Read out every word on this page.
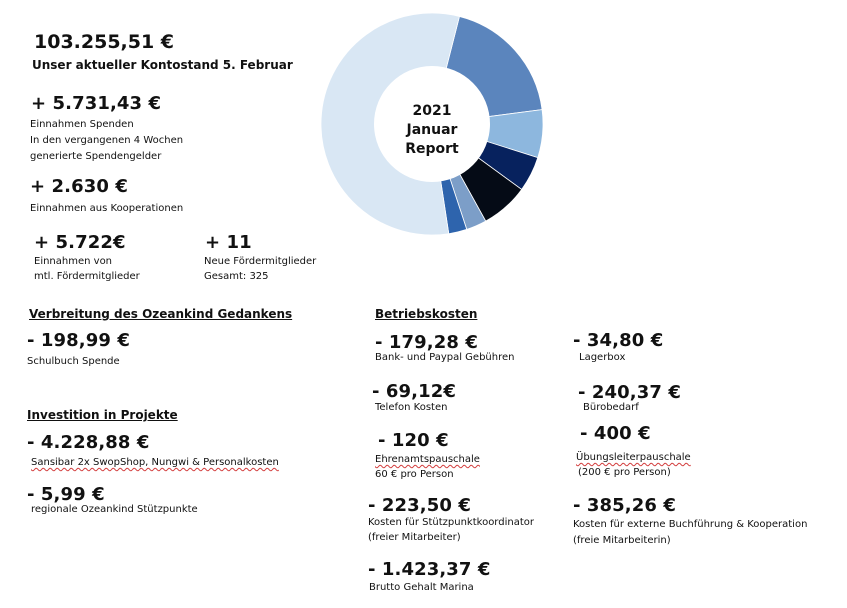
2021
Januar
Report
103.255,51 €
Unser aktueller Kontostand 5. Februar
+ 5.731,43 €
Einnahmen Spenden
In den vergangenen 4 Wochen
generierte Spendengelder
+ 2.630 €
Einnahmen aus Kooperationen
+ 5.722€
Einnahmen von
mtl. Fördermitglieder
+ 11
Neue Fördermitglieder
Gesamt: 325
Verbreitung des Ozeankind Gedankens
- 198,99 €
Schulbuch Spende
Investition in Projekte
- 4.228,88 €
Sansibar 2x SwopShop, Nungwi & Personalkosten
- 5,99 €
regionale Ozeankind Stützpunkte
Betriebskosten
- 179,28 €
Bank- und Paypal Gebühren
- 69,12€
Telefon Kosten
- 120 €
Ehrenamtspauschale
60 € pro Person
- 223,50 €
Kosten für Stützpunktkoordinator
(freier Mitarbeiter)
- 1.423,37 €
Brutto Gehalt Marina
- 34,80 €
Lagerbox
- 240,37 €
Bürobedarf
- 400 €
Übungsleiterpauschale
(200 € pro Person)
- 385,26 €
Kosten für externe Buchführung & Kooperation
(freie Mitarbeiterin)
